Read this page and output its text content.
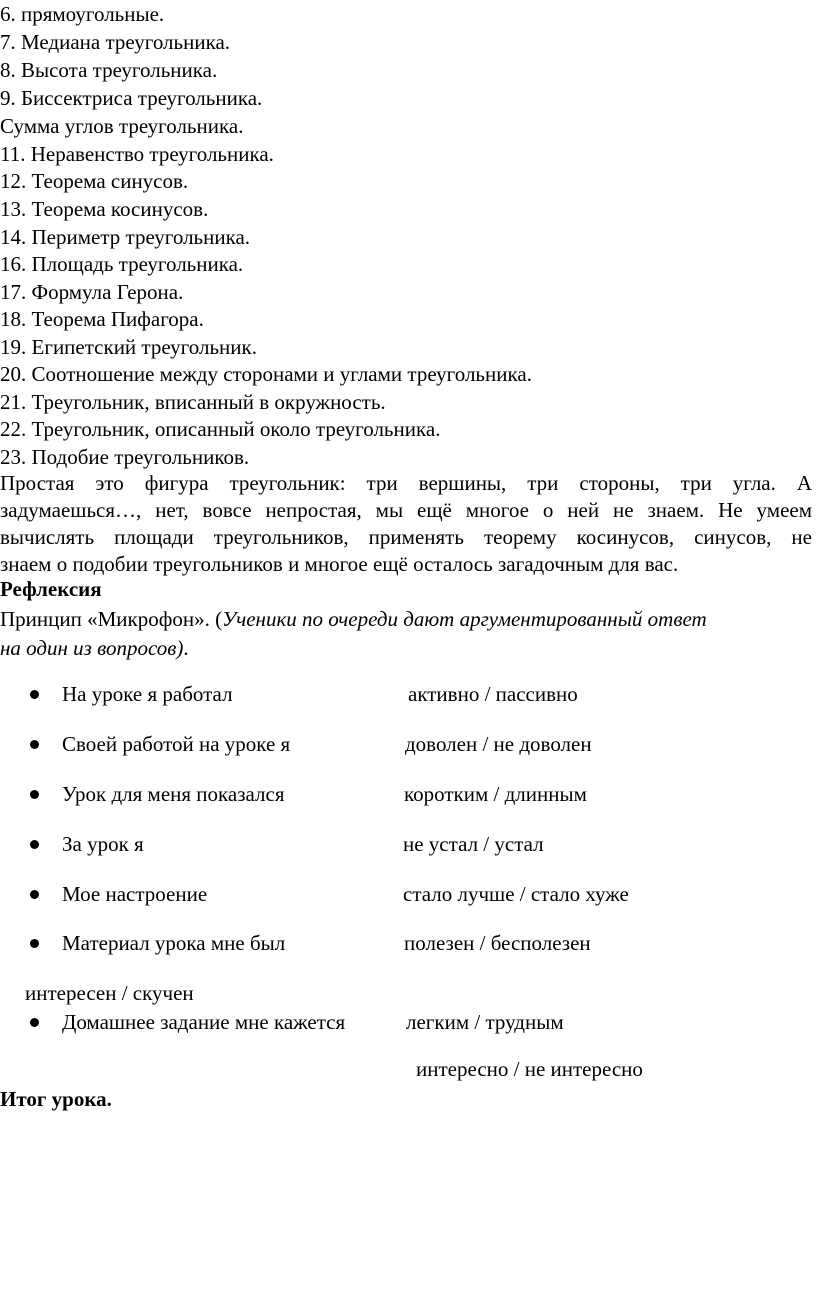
6. прямоугольные.
7. Медиана треугольника.
8. Высота треугольника.
9. Биссектриса треугольника.
Сумма углов треугольника.
11. Неравенство треугольника.
12. Теорема синусов.
13. Теорема косинусов.
14. Периметр треугольника.
16. Площадь треугольника.
17. Формула Герона.
18. Теорема Пифагора.
19. Египетский треугольник.
20. Соотношение между сторонами и углами треугольника.
21. Треугольник, вписанный в окружность.
22. Треугольник, описанный около треугольника.
23. Подобие треугольников.
Простая это фигура треугольник: три вершины, три стороны, три угла. А
задумаешься…, нет, вовсе непростая, мы ещё многое о ней не знаем. Не умеем
вычислять площади треугольников, применять теорему косинусов, синусов, не
знаем о подобии треугольников и многое ещё осталось загадочным для вас.
Рефлексия
Принцип «Микрофон». (Ученики по очереди дают аргументированный ответ
на один из вопросов).
На уроке я работал	активно / пассивно
Своей работой на уроке я	доволен / не доволен
Урок для меня показался	коротким / длинным
За урок я	не устал / устал
Мое настроение	стало лучше / стало хуже
Материал урока мне был	полезен / бесполезен
интересен / скучен
Домашнее задание мне кажется	легким / трудным
интересно / не интересно
Итог урока.
